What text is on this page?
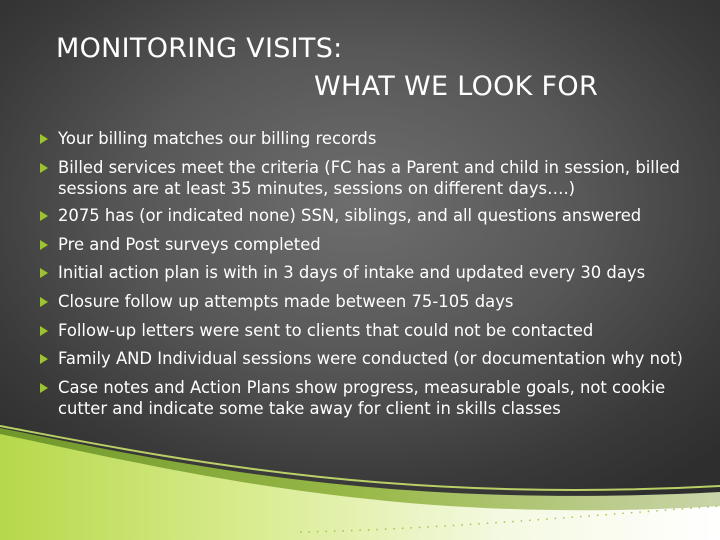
MONITORING VISITS:
WHAT WE LOOK FOR
Your billing matches our billing records
Billed services meet the criteria (FC has a Parent and child in session, billed sessions are at least 35 minutes, sessions on different days….)
2075 has (or indicated none) SSN, siblings, and all questions answered
Pre and Post surveys completed
Initial action plan is with in 3 days of intake and updated every 30 days
Closure follow up attempts made between 75-105 days
Follow-up letters were sent to clients that could not be contacted
Family AND Individual sessions were conducted (or documentation why not)
Case notes and Action Plans show progress, measurable goals, not cookie cutter and indicate some take away for client in skills classes
